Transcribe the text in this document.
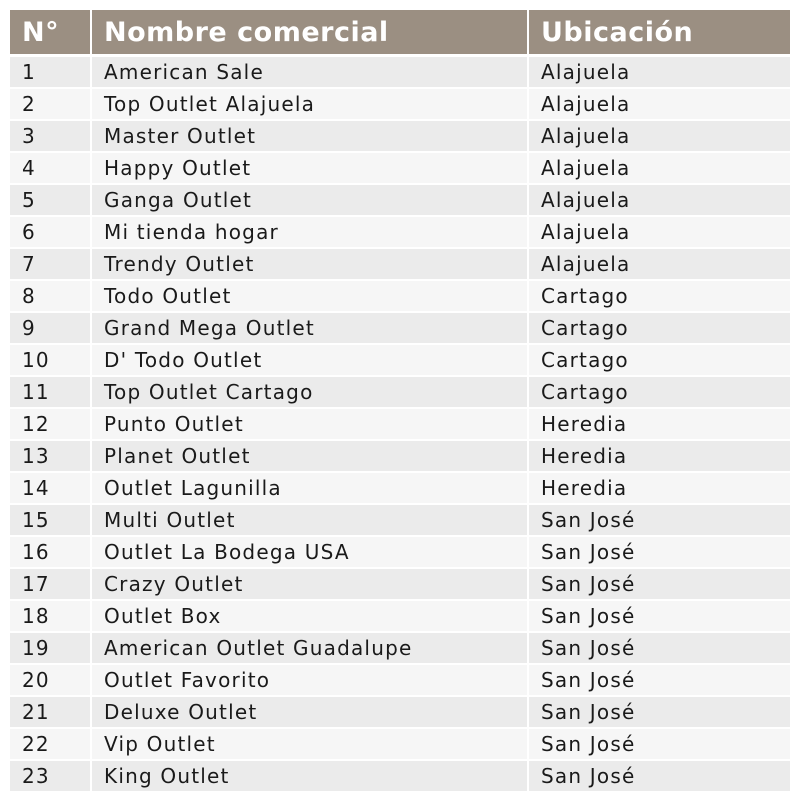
N°	Nombre comercial	Ubicación
1	American Sale	Alajuela
2	Top Outlet Alajuela	Alajuela
3	Master Outlet	Alajuela
4	Happy Outlet	Alajuela
5	Ganga Outlet	Alajuela
6	Mi tienda hogar	Alajuela
7	Trendy Outlet	Alajuela
8	Todo Outlet	Cartago
9	Grand Mega Outlet	Cartago
10	D' Todo Outlet	Cartago
11	Top Outlet Cartago	Cartago
12	Punto Outlet	Heredia
13	Planet Outlet	Heredia
14	Outlet Lagunilla	Heredia
15	Multi Outlet	San José
16	Outlet La Bodega USA	San José
17	Crazy Outlet	San José
18	Outlet Box	San José
19	American Outlet Guadalupe	San José
20	Outlet Favorito	San José
21	Deluxe Outlet	San José
22	Vip Outlet	San José
23	King Outlet	San José
